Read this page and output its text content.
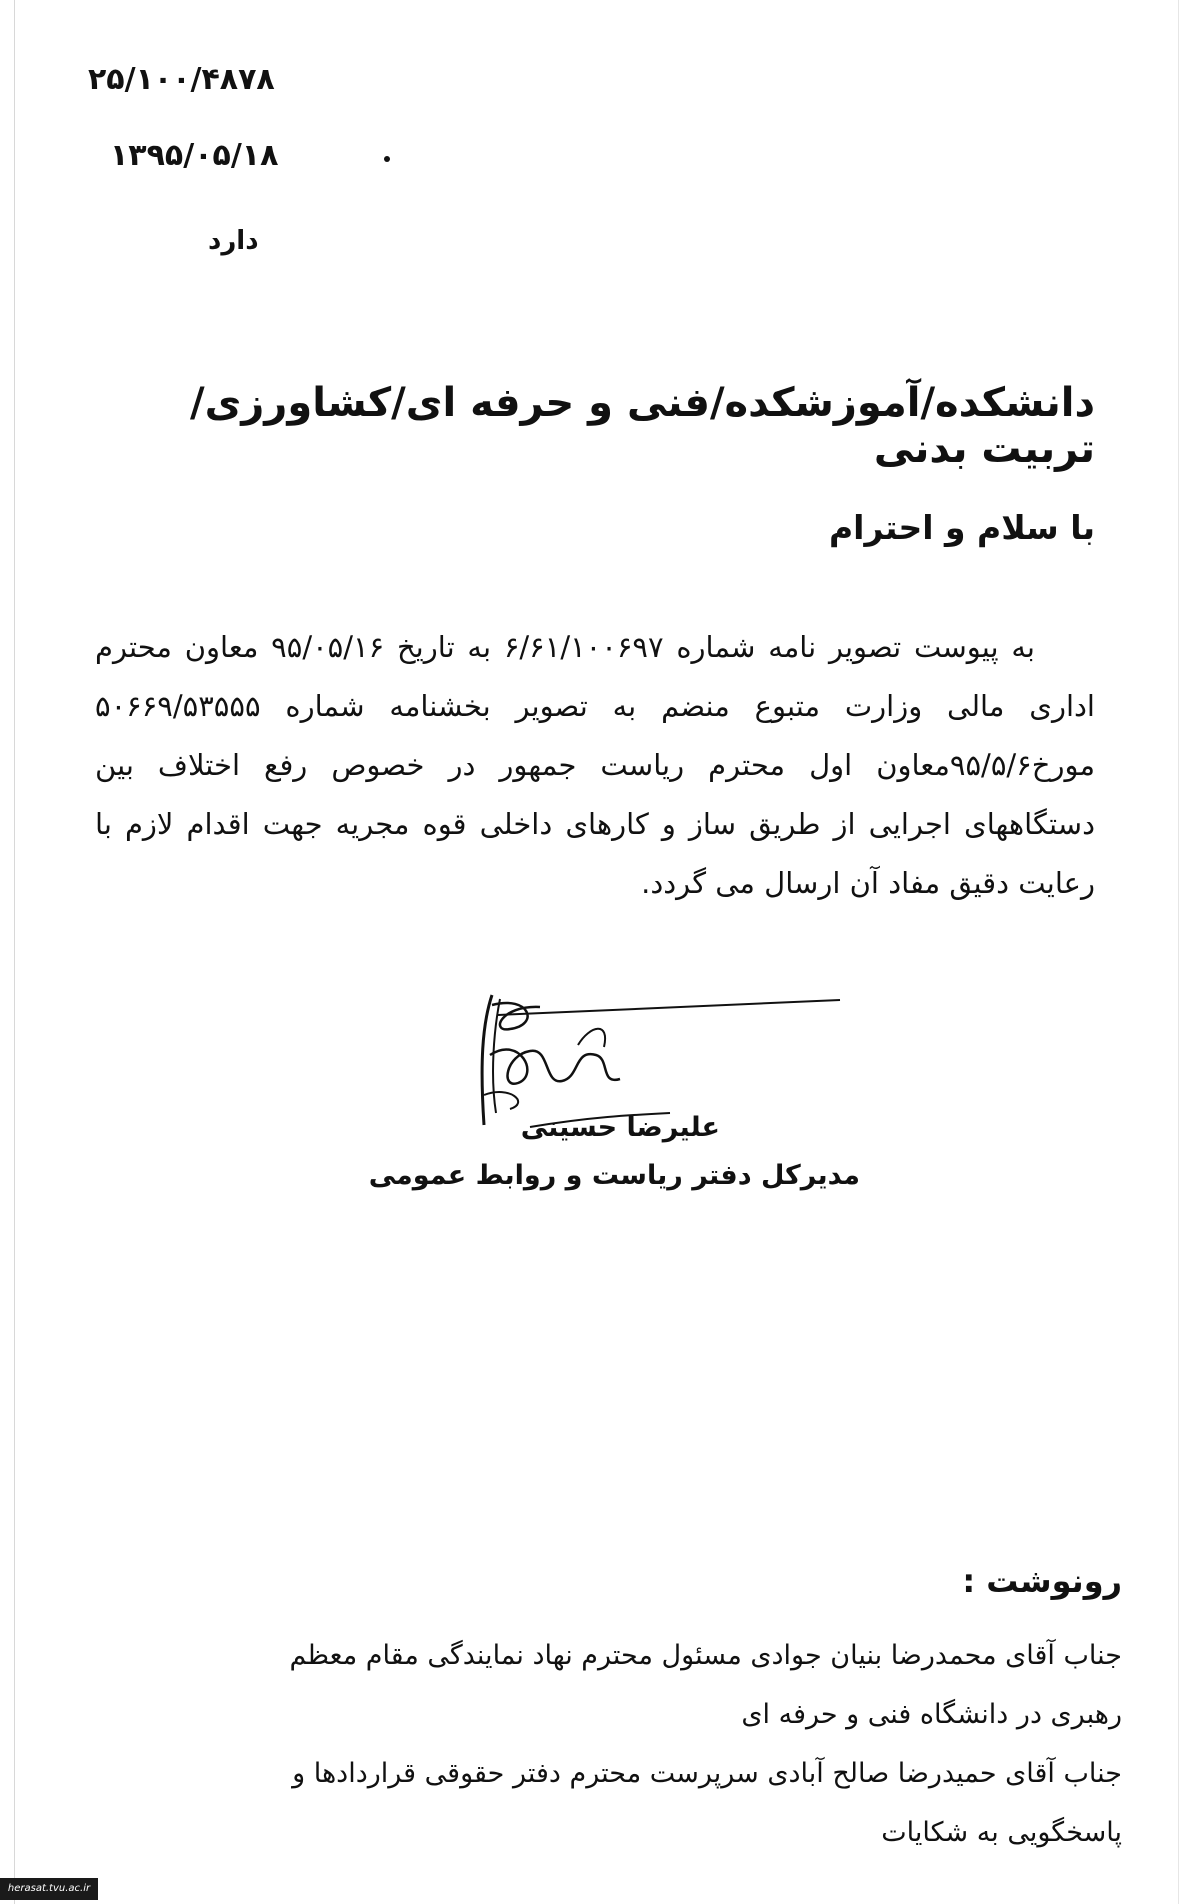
۲۵/۱۰۰/۴۸۷۸
۱۳۹۵/۰۵/۱۸
دارد
دانشکده/آموزشکده/فنی و حرفه ای/کشاورزی/تربیت بدنی
با سلام و احترام

به پیوست تصویر نامه شماره ۶/۶۱/۱۰۰۶۹۷ به تاریخ ۹۵/۰۵/۱۶ معاون محترم اداری مالی وزارت متبوع منضم به تصویر بخشنامه شماره ۵۰۶۶۹/۵۳۵۵۵ مورخ۹۵/۵/۶معاون اول محترم ریاست جمهور در خصوص رفع اختلاف بین دستگاههای اجرایی از طریق ساز و کارهای داخلی قوه مجریه جهت اقدام لازم با رعایت دقیق مفاد آن ارسال می گردد.

علیرضا حسینی
مدیرکل دفتر ریاست و روابط عمومی
رونوشت :
جناب آقای محمدرضا بنیان جوادی مسئول محترم نهاد نمایندگی مقام معظم
رهبری در دانشگاه فنی و حرفه ای
جناب آقای حمیدرضا صالح آبادی سرپرست محترم دفتر حقوقی قراردادها و
پاسخگویی به شکایات
herasat.tvu.ac.ir
